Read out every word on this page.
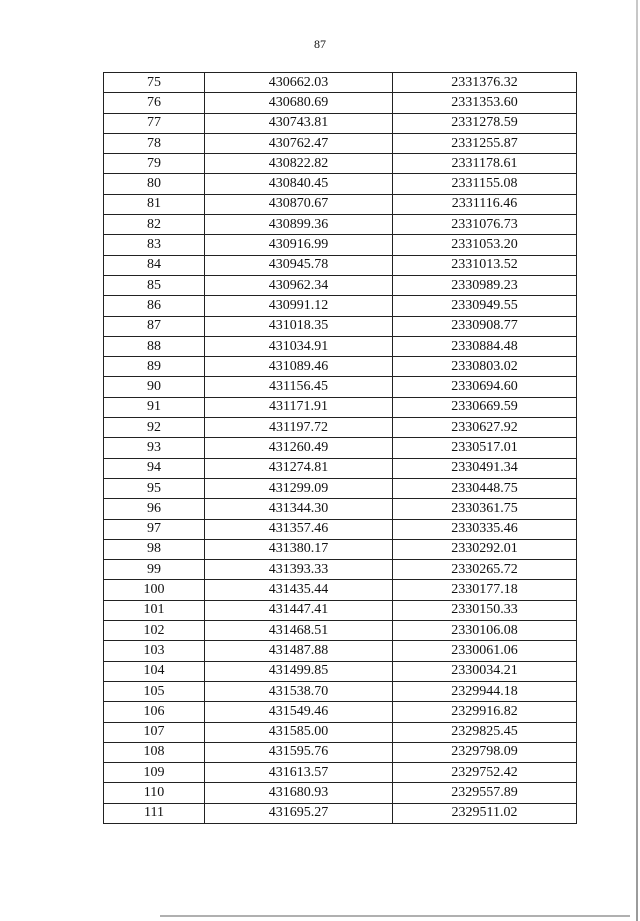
87
75	430662.03	2331376.32
76	430680.69	2331353.60
77	430743.81	2331278.59
78	430762.47	2331255.87
79	430822.82	2331178.61
80	430840.45	2331155.08
81	430870.67	2331116.46
82	430899.36	2331076.73
83	430916.99	2331053.20
84	430945.78	2331013.52
85	430962.34	2330989.23
86	430991.12	2330949.55
87	431018.35	2330908.77
88	431034.91	2330884.48
89	431089.46	2330803.02
90	431156.45	2330694.60
91	431171.91	2330669.59
92	431197.72	2330627.92
93	431260.49	2330517.01
94	431274.81	2330491.34
95	431299.09	2330448.75
96	431344.30	2330361.75
97	431357.46	2330335.46
98	431380.17	2330292.01
99	431393.33	2330265.72
100	431435.44	2330177.18
101	431447.41	2330150.33
102	431468.51	2330106.08
103	431487.88	2330061.06
104	431499.85	2330034.21
105	431538.70	2329944.18
106	431549.46	2329916.82
107	431585.00	2329825.45
108	431595.76	2329798.09
109	431613.57	2329752.42
110	431680.93	2329557.89
111	431695.27	2329511.02
